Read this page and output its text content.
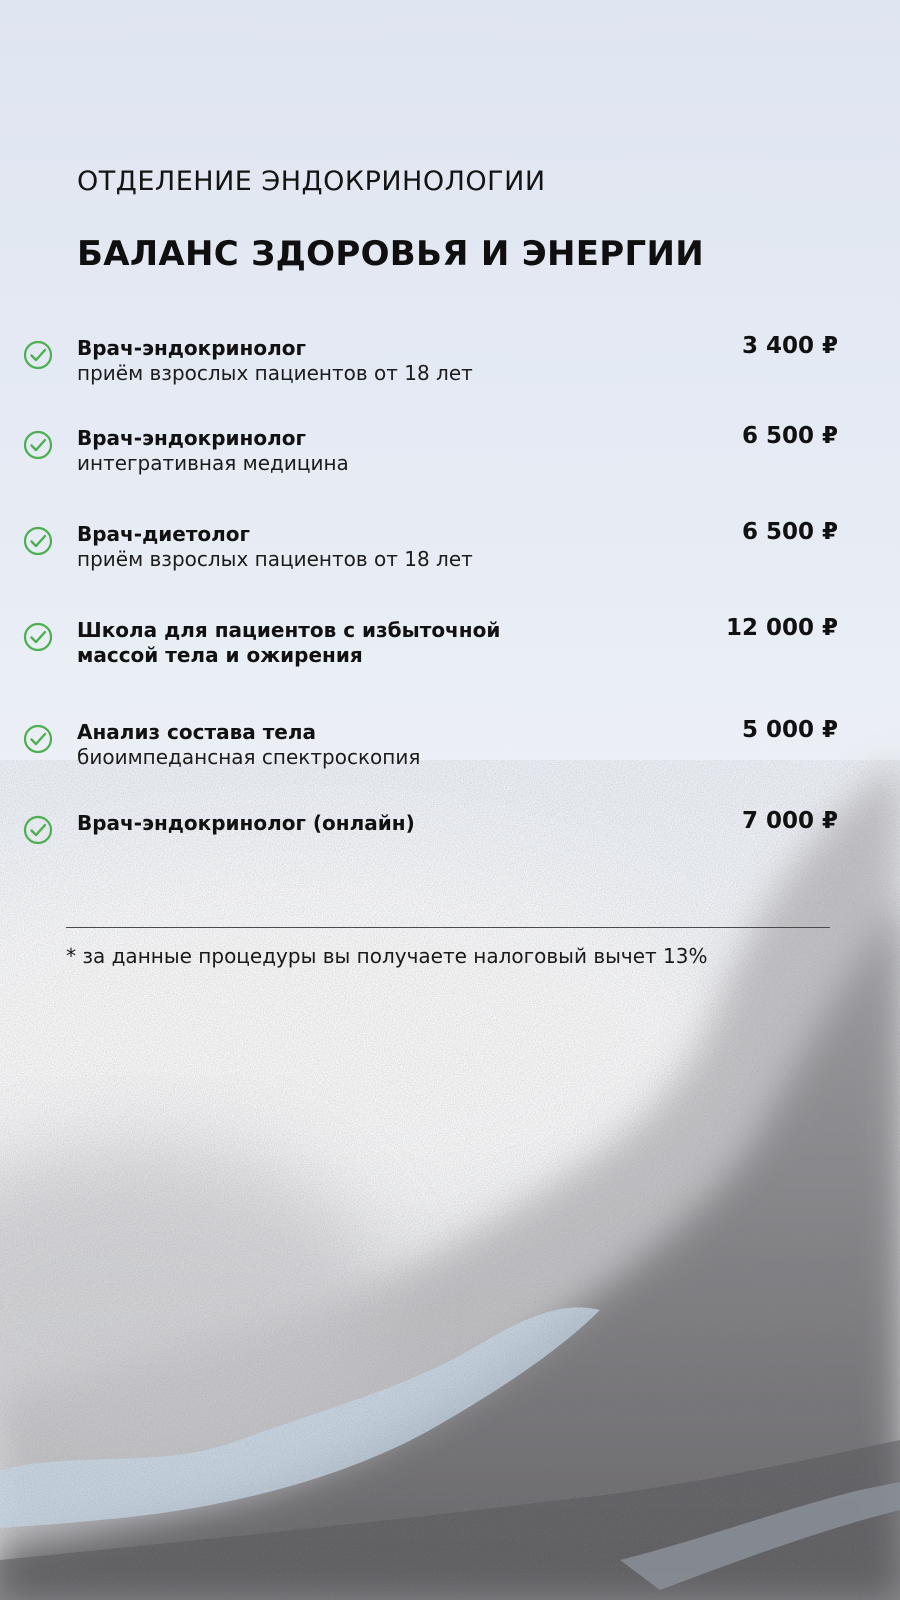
ОТДЕЛЕНИЕ ЭНДОКРИНОЛОГИИ
БАЛАНС ЗДОРОВЬЯ И ЭНЕРГИИ
Врач-эндокринолог
приём взрослых пациентов от 18 лет
3 400 ₽
Врач-эндокринолог
интегративная медицина
6 500 ₽
Врач-диетолог
приём взрослых пациентов от 18 лет
6 500 ₽
Школа для пациентов с избыточной
массой тела и ожирения
12 000 ₽
Анализ состава тела
биоимпедансная спектроскопия
5 000 ₽
Врач-эндокринолог (онлайн)	7 000 ₽

* за данные процедуры вы получаете налоговый вычет 13%
